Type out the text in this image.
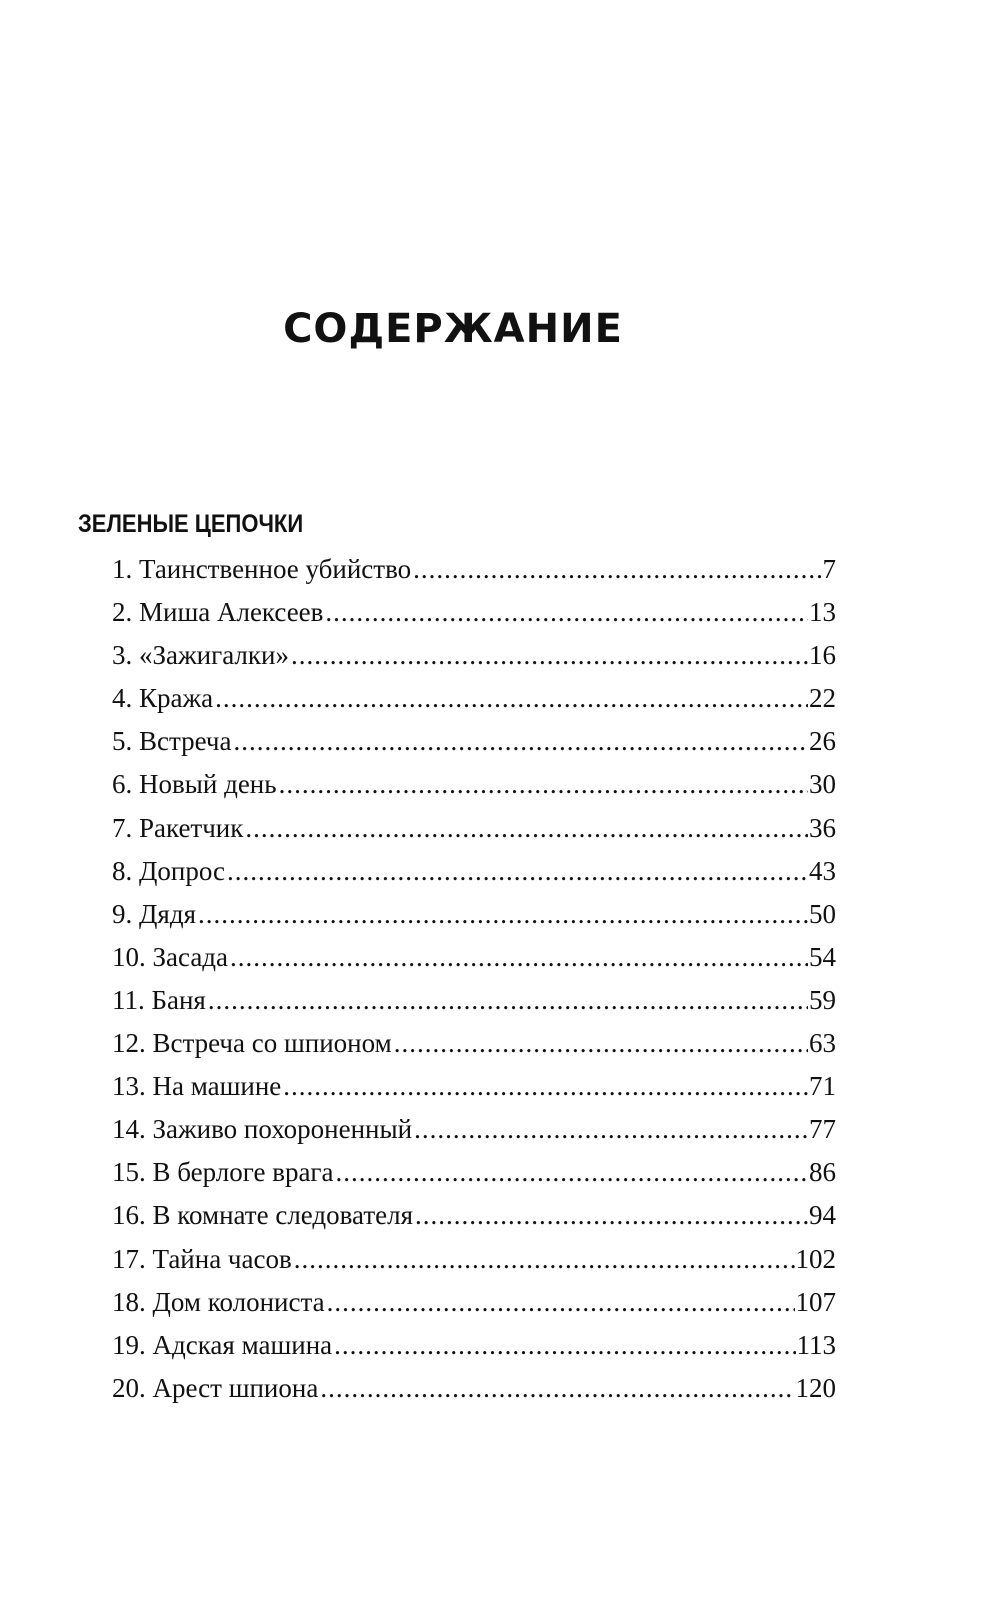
СОДЕРЖАНИЕ
ЗЕЛЕНЫЕ ЦЕПОЧКИ
1. Таинственное убийство .....	7
2. Миша Алексеев .....	13
3. «Зажигалки» .....	16
4. Кража .....	22
5. Встреча .....	26
6. Новый день .....	30
7. Ракетчик .....	36
8. Допрос .....	43
9. Дядя .....	50
10. Засада .....	54
11. Баня .....	59
12. Встреча со шпионом .....	63
13. На машине .....	71
14. Заживо похороненный .....	77
15. В берлоге врага .....	86
16. В комнате следователя .....	94
17. Тайна часов .....	102
18. Дом колониста .....	107
19. Адская машина .....	113
20. Арест шпиона .....	120
